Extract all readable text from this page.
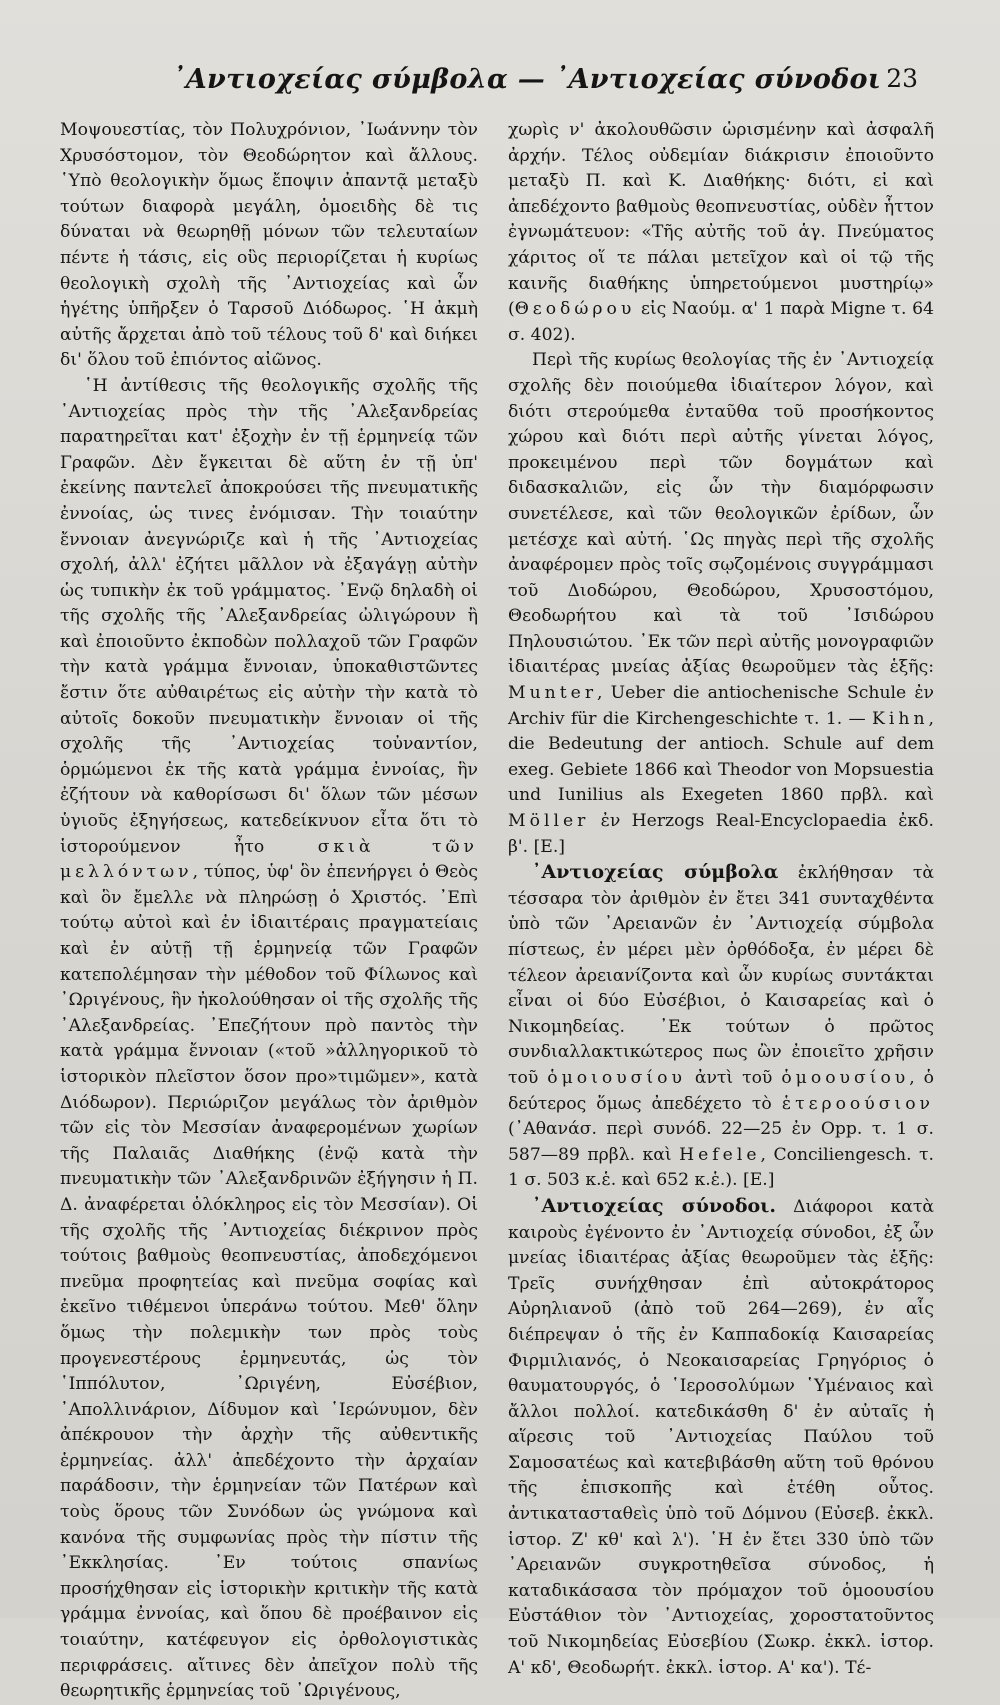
᾿Αντιοχείας σύμβολα — ᾿Αντιοχείας σύνοδοι 23

Μοψουεστίας, τὸν Πολυχρόνιον, ᾿Ιωάννην τὸν Χρυσόστομον, τὸν Θεοδώρητον καὶ ἄλλους. ῾Υπὸ θεολογικὴν ὅμως ἔποψιν ἀπαντᾷ μεταξὺ τούτων διαφορὰ μεγάλη, ὁμοειδὴς δὲ τις δύναται νὰ θεωρηθῇ μόνων τῶν τελευταίων πέντε ἡ τάσις, εἰς οὓς περιορίζεται ἡ κυρίως θεολογικὴ σχολὴ τῆς ᾿Αντιοχείας καὶ ὧν ἡγέτης ὑπῆρξεν ὁ Ταρσοῦ Διόδωρος. ῾Η ἀκμὴ αὐτῆς ἄρχεται ἀπὸ τοῦ τέλους τοῦ δ' καὶ διήκει δι' ὅλου τοῦ ἐπιόντος αἰῶνος.

῾Η ἀντίθεσις τῆς θεολογικῆς σχολῆς τῆς ᾿Αντιοχείας πρὸς τὴν τῆς ᾿Αλεξανδρείας παρατηρεῖται κατ' ἐξοχὴν ἐν τῇ ἑρμηνείᾳ τῶν Γραφῶν. Δὲν ἔγκειται δὲ αὕτη ἐν τῇ ὑπ' ἐκείνης παντελεῖ ἀποκρούσει τῆς πνευματικῆς ἐννοίας, ὡς τινες ἐνόμισαν. Τὴν τοιαύτην ἔννοιαν ἀνεγνώριζε καὶ ἡ τῆς ᾿Αντιοχείας σχολή, ἀλλ' ἐζήτει μᾶλλον νὰ ἐξαγάγῃ αὐτὴν ὡς τυπικὴν ἐκ τοῦ γράμματος. ᾿Ενῷ δηλαδὴ οἱ τῆς σχολῆς τῆς ᾿Αλεξανδρείας ὠλιγώρουν ἢ καὶ ἐποιοῦντο ἐκποδὼν πολλαχοῦ τῶν Γραφῶν τὴν κατὰ γράμμα ἔννοιαν, ὑποκαθιστῶντες ἔστιν ὅτε αὐθαιρέτως εἰς αὐτὴν τὴν κατὰ τὸ αὐτοῖς δοκοῦν πνευματικὴν ἔννοιαν οἱ τῆς σχολῆς τῆς ᾿Αντιοχείας τοὐναντίον, ὁρμώμενοι ἐκ τῆς κατὰ γράμμα ἐννοίας, ἣν ἐζήτουν νὰ καθορίσωσι δι' ὅλων τῶν μέσων ὑγιοῦς ἐξηγήσεως, κατεδείκνυον εἶτα ὅτι τὸ ἱστορούμενον ἦτο	σκιὰ τῶν μελλόντων, τύπος, ὑφ' ὃν ἐπενήργει ὁ Θεὸς καὶ ὃν ἔμελλε νὰ πληρώσῃ ὁ Χριστός. ᾿Επὶ τούτῳ αὐτοὶ καὶ ἐν ἰδιαιτέραις πραγματείαις καὶ ἐν αὐτῇ τῇ ἑρμηνείᾳ τῶν Γραφῶν κατεπολέμησαν τὴν μέθοδον τοῦ Φίλωνος καὶ ᾿Ωριγένους, ἣν ἠκολούθησαν οἱ τῆς σχολῆς τῆς ᾿Αλεξανδρείας. ᾿Επεζήτουν πρὸ παντὸς τὴν κατὰ γράμμα ἔννοιαν («τοῦ »ἀλληγορικοῦ τὸ ἱστορικὸν πλεῖστον ὅσον προ»τιμῶμεν», κατὰ Διόδωρον). Περιώριζον μεγάλως τὸν ἀριθμὸν τῶν εἰς τὸν Μεσσίαν ἀναφερομένων χωρίων τῆς Παλαιᾶς Διαθήκης (ἐνῷ κατὰ τὴν πνευματικὴν τῶν ᾿Αλεξανδρινῶν ἐξήγησιν ἡ Π. Δ. ἀναφέρεται ὁλόκληρος εἰς τὸν Μεσσίαν). Οἱ τῆς σχολῆς τῆς ᾿Αντιοχείας διέκρινον πρὸς τούτοις βαθμοὺς θεοπνευστίας, ἀποδεχόμενοι πνεῦμα προφητείας καὶ πνεῦμα σοφίας καὶ ἐκεῖνο τιθέμενοι ὑπεράνω τούτου. Μεθ' ὅλην ὅμως τὴν πολεμικὴν των πρὸς τοὺς προγενεστέρους ἑρμηνευτάς, ὡς τὸν ῾Ιππόλυτον, ᾿Ωριγένη, Εὐσέβιον, ᾿Απολλινάριον, Δίδυμον καὶ ῾Ιερώνυμον, δὲν ἀπέκρουον τὴν ἀρχὴν τῆς αὐθεντικῆς ἑρμηνείας. ἀλλ' ἀπεδέχοντο τὴν ἀρχαίαν παράδοσιν, τὴν ἑρμηνείαν τῶν Πατέρων καὶ τοὺς ὅρους τῶν Συνόδων ὡς γνώμονα καὶ κανόνα τῆς συμφωνίας πρὸς τὴν πίστιν τῆς ᾿Εκκλησίας. ᾿Εν τούτοις σπανίως προσήχθησαν εἰς ἱστορικὴν κριτικὴν τῆς κατὰ γράμμα ἐννοίας, καὶ ὅπου δὲ προέβαινον εἰς τοιαύτην, κατέφευγον εἰς ὀρθολογιστικὰς περιφράσεις. αἴτινες δὲν ἀπεῖχον πολὺ τῆς θεωρητικῆς ἑρμηνείας τοῦ ᾿Ωριγένους,

χωρὶς ν' ἀκολουθῶσιν ὡρισμένην καὶ ἀσφαλῆ ἀρχήν. Τέλος οὐδεμίαν διάκρισιν ἐποιοῦντο μεταξὺ Π. καὶ Κ. Διαθήκης· διότι, εἰ καὶ ἀπεδέχοντο βαθμοὺς θεοπνευστίας, οὐδὲν ἧττον ἐγνωμάτευον: «Τῆς αὐτῆς τοῦ ἁγ. Πνεύματος χάριτος οἵ τε πάλαι μετεῖχον καὶ οἱ τῷ τῆς καινῆς διαθήκης ὑπηρετούμενοι μυστηρίῳ» (Θεοδώρου εἰς Ναούμ. α' 1 παρὰ Migne τ. 64 σ. 402).

Περὶ τῆς κυρίως θεολογίας τῆς ἐν ᾿Αντιοχείᾳ σχολῆς δὲν ποιούμεθα ἰδιαίτερον λόγον, καὶ διότι στερούμεθα ἐνταῦθα τοῦ προσήκοντος χώρου καὶ διότι περὶ αὐτῆς γίνεται λόγος, προκειμένου περὶ τῶν δογμάτων καὶ διδασκαλιῶν, εἰς ὧν τὴν διαμόρφωσιν συνετέλεσε, καὶ τῶν θεολογικῶν ἐρίδων, ὧν μετέσχε καὶ αὐτή. ῾Ως πηγὰς περὶ τῆς σχολῆς ἀναφέρομεν πρὸς τοῖς σῳζομένοις συγγράμμασι τοῦ Διοδώρου, Θεοδώρου, Χρυσοστόμου, Θεοδωρήτου καὶ τὰ τοῦ ᾿Ισιδώρου Πηλουσιώτου. ᾿Εκ τῶν περὶ αὐτῆς μονογραφιῶν ἰδιαιτέρας μνείας ἀξίας θεωροῦμεν τὰς ἑξῆς: Munter, Ueber die antiochenische Schule ἐν Archiv für die Kirchengeschichte τ. 1. — Kihn, die Bedeutung der antioch. Schule auf dem exeg. Gebiete 1866 καὶ Theodor von Mopsuestia und Iunilius als Exegeten 1860 πρβλ. καὶ Möller ἐν Herzogs Real-Encyclopaedia ἐκδ. β'. [E.]

᾿Αντιοχείας σύμβολα ἐκλήθησαν τὰ τέσσαρα τὸν ἀριθμὸν ἐν ἔτει 341 συνταχθέντα ὑπὸ τῶν ᾿Αρειανῶν ἐν ᾿Αντιοχείᾳ σύμβολα πίστεως, ἐν μέρει μὲν ὀρθόδοξα, ἐν μέρει δὲ τέλεον ἀρειανίζοντα καὶ ὧν κυρίως συντάκται εἶναι οἱ δύο Εὐσέβιοι, ὁ Καισαρείας καὶ ὁ Νικομηδείας. ᾿Εκ τούτων ὁ πρῶτος συνδιαλλακτικώτερος πως ὢν ἐποιεῖτο χρῆσιν τοῦ ὁμοιουσίου ἀντὶ τοῦ ὁμοουσίου, ὁ δεύτερος ὅμως ἀπεδέχετο τὸ ἑτεροούσιον (᾿Αθανάσ. περὶ συνόδ. 22—25 ἐν Opp. τ. 1 σ. 587—89 πρβλ. καὶ Hefele, Conciliengesch. τ. 1 σ. 503 κ.ἑ. καὶ 652 κ.ἑ.). [E.]

᾿Αντιοχείας σύνοδοι. Διάφοροι κατὰ καιροὺς ἐγένοντο ἐν ᾿Αντιοχείᾳ σύνοδοι, ἐξ ὧν μνείας ἰδιαιτέρας ἀξίας θεωροῦμεν τὰς ἑξῆς: Τρεῖς συνήχθησαν ἐπὶ αὐτοκράτορος Αὐρηλιανοῦ (ἀπὸ τοῦ 264—269), ἐν αἷς διέπρεψαν ὁ τῆς ἐν Καππαδοκίᾳ Καισαρείας Φιρμιλιανός, ὁ Νεοκαισαρείας Γρηγόριος ὁ θαυματουργός, ὁ ῾Ιεροσολύμων ῾Υμέναιος καὶ ἄλλοι πολλοί. κατεδικάσθη δ' ἐν αὐταῖς ἡ αἵρεσις τοῦ ᾿Αντιοχείας Παύλου τοῦ Σαμοσατέως καὶ κατεβιβάσθη αὕτη τοῦ θρόνου τῆς ἐπισκοπῆς καὶ ἐτέθη οὗτος. ἀντικατασταθεὶς ὑπὸ τοῦ Δόμνου (Εὐσεβ. ἐκκλ. ἱστορ. Ζ' κθ' καὶ λ'). ῾Η ἐν ἔτει 330 ὑπὸ τῶν ᾿Αρειανῶν συγκροτηθεῖσα σύνοδος, ἡ καταδικάσασα τὸν πρόμαχον τοῦ ὁμοουσίου Εὐστάθιον τὸν ᾿Αντιοχείας, χοροστατοῦντος τοῦ Νικομηδείας Εὐσεβίου (Σωκρ. ἐκκλ. ἱστορ. Α' κδ', Θεοδωρήτ. ἐκκλ. ἱστορ. Α' κα'). Τέ-
